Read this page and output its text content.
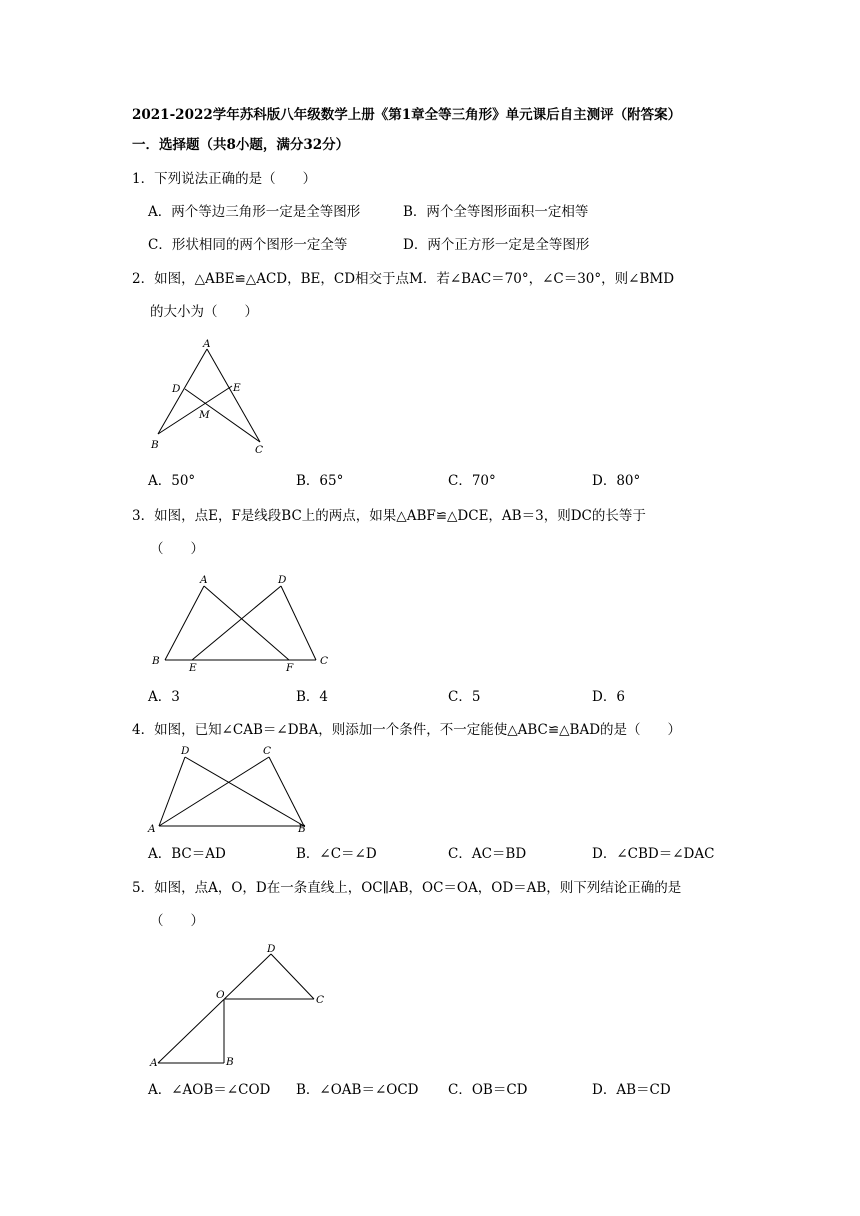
2021-2022学年苏科版八年级数学上册《第1章全等三角形》单元课后自主测评（附答案）
一．选择题（共8小题，满分32分）
1．下列说法正确的是（　　）
A．两个等边三角形一定是全等图形	B．两个全等图形面积一定相等
C．形状相同的两个图形一定全等	D．两个正方形一定是全等图形
2．如图，△ABE≌△ACD，BE，CD相交于点M．若∠BAC＝70°，∠C＝30°，则∠BMD
的大小为（　　）
A
D	E
M
B	C
A．50°	B．65°	C．70°	D．80°
3．如图，点E，F是线段BC上的两点，如果△ABF≌△DCE，AB＝3，则DC的长等于
（　　）
A	D
B
E	F
C
A．3	B．4	C．5	D．6
4．如图，已知∠CAB＝∠DBA，则添加一个条件，不一定能使△ABC≌△BAD的是（　　）
D	C
A	B
A．BC＝AD	B．∠C＝∠D	C．AC＝BD	D．∠CBD＝∠DAC
5．如图，点A，O，D在一条直线上，OC∥AB，OC＝OA，OD＝AB，则下列结论正确的是
（　　）
D
O	C
A	B
A．∠AOB＝∠COD B．∠OAB＝∠OCD C．OB＝CD	D．AB＝CD
